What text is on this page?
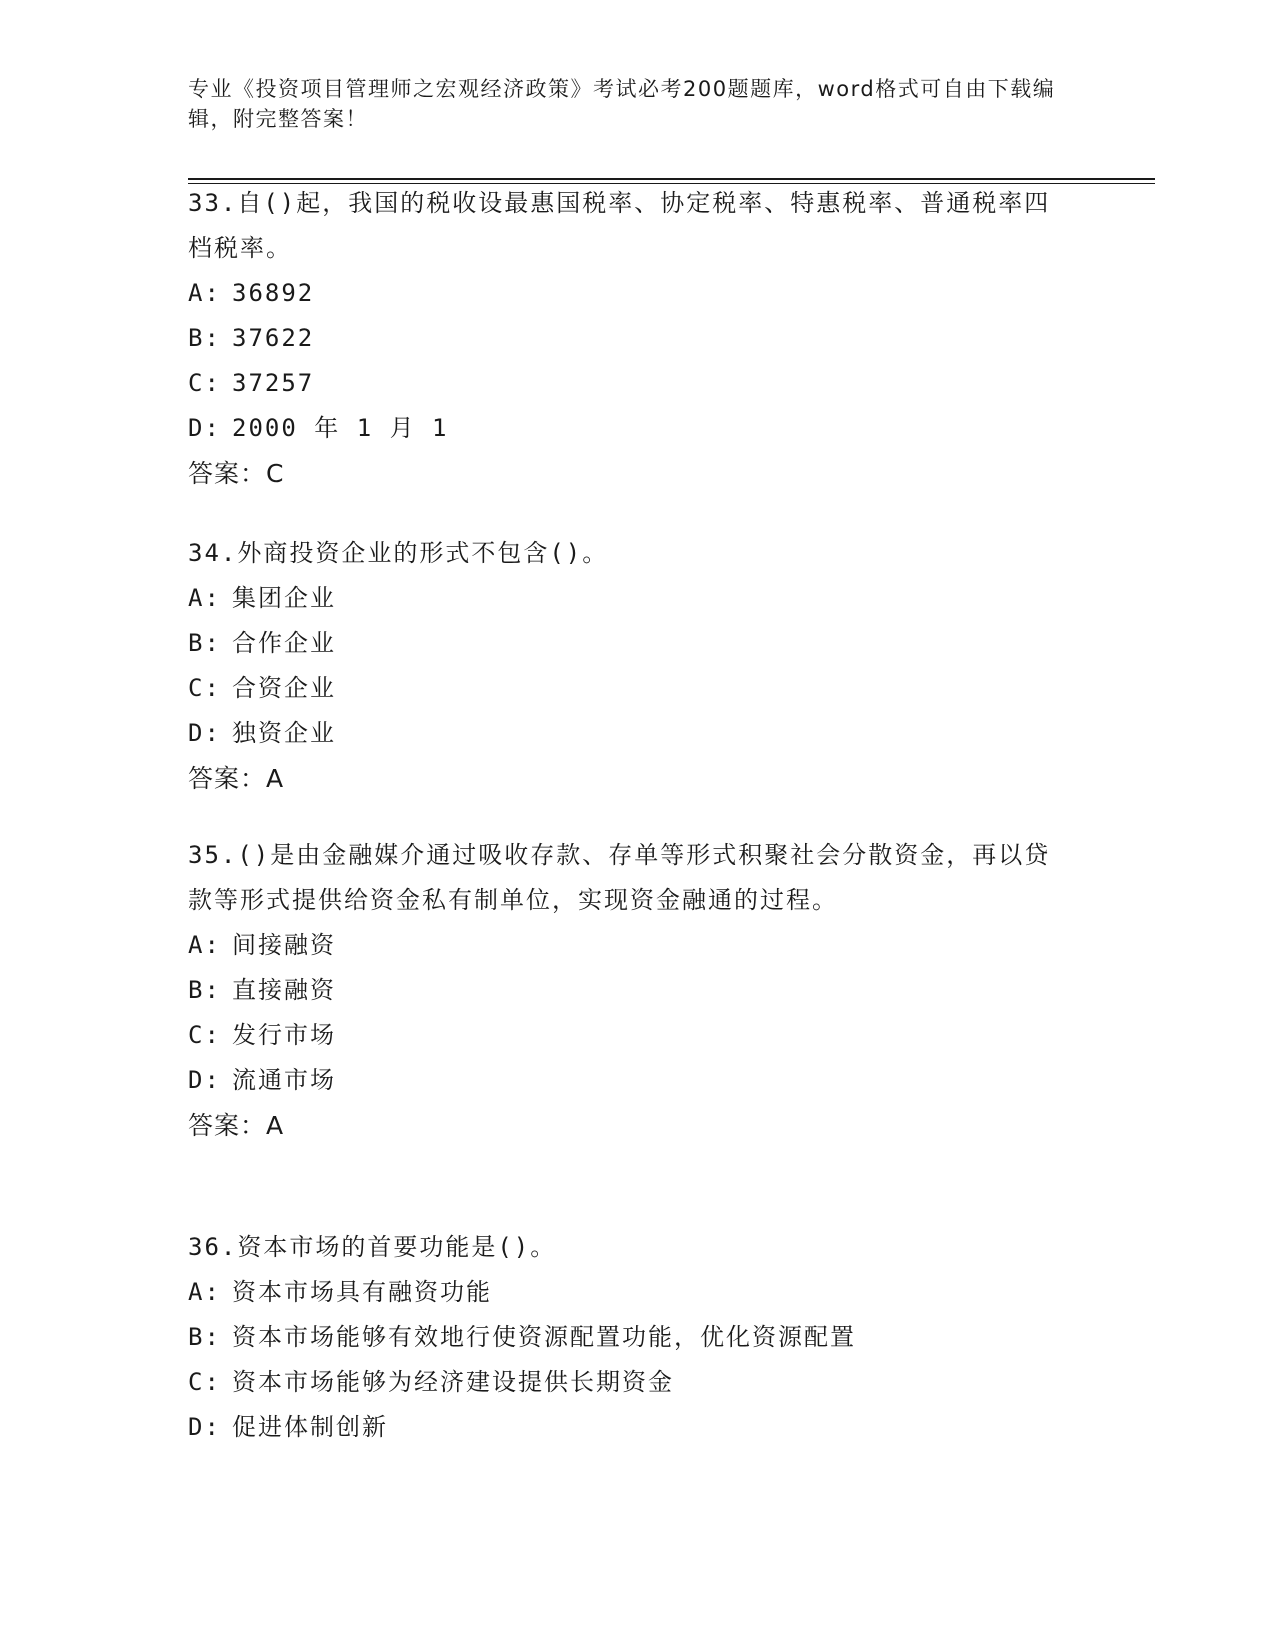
专业《投资项目管理师之宏观经济政策》考试必考200题题库，word格式可自由下载编辑，附完整答案！

33.自()起，我国的税收设最惠国税率、协定税率、特惠税率、普通税率四档税率。

A: 36892

B: 37622

C: 37257

D: 2000 年 1 月 1

答案：C

34.外商投资企业的形式不包含()。

A: 集团企业

B: 合作企业

C: 合资企业

D: 独资企业

答案：A

35.()是由金融媒介通过吸收存款、存单等形式积聚社会分散资金，再以贷款等形式提供给资金私有制单位，实现资金融通的过程。

A: 间接融资

B: 直接融资

C: 发行市场

D: 流通市场

答案：A

36.资本市场的首要功能是()。

A: 资本市场具有融资功能

B: 资本市场能够有效地行使资源配置功能，优化资源配置

C: 资本市场能够为经济建设提供长期资金

D: 促进体制创新
